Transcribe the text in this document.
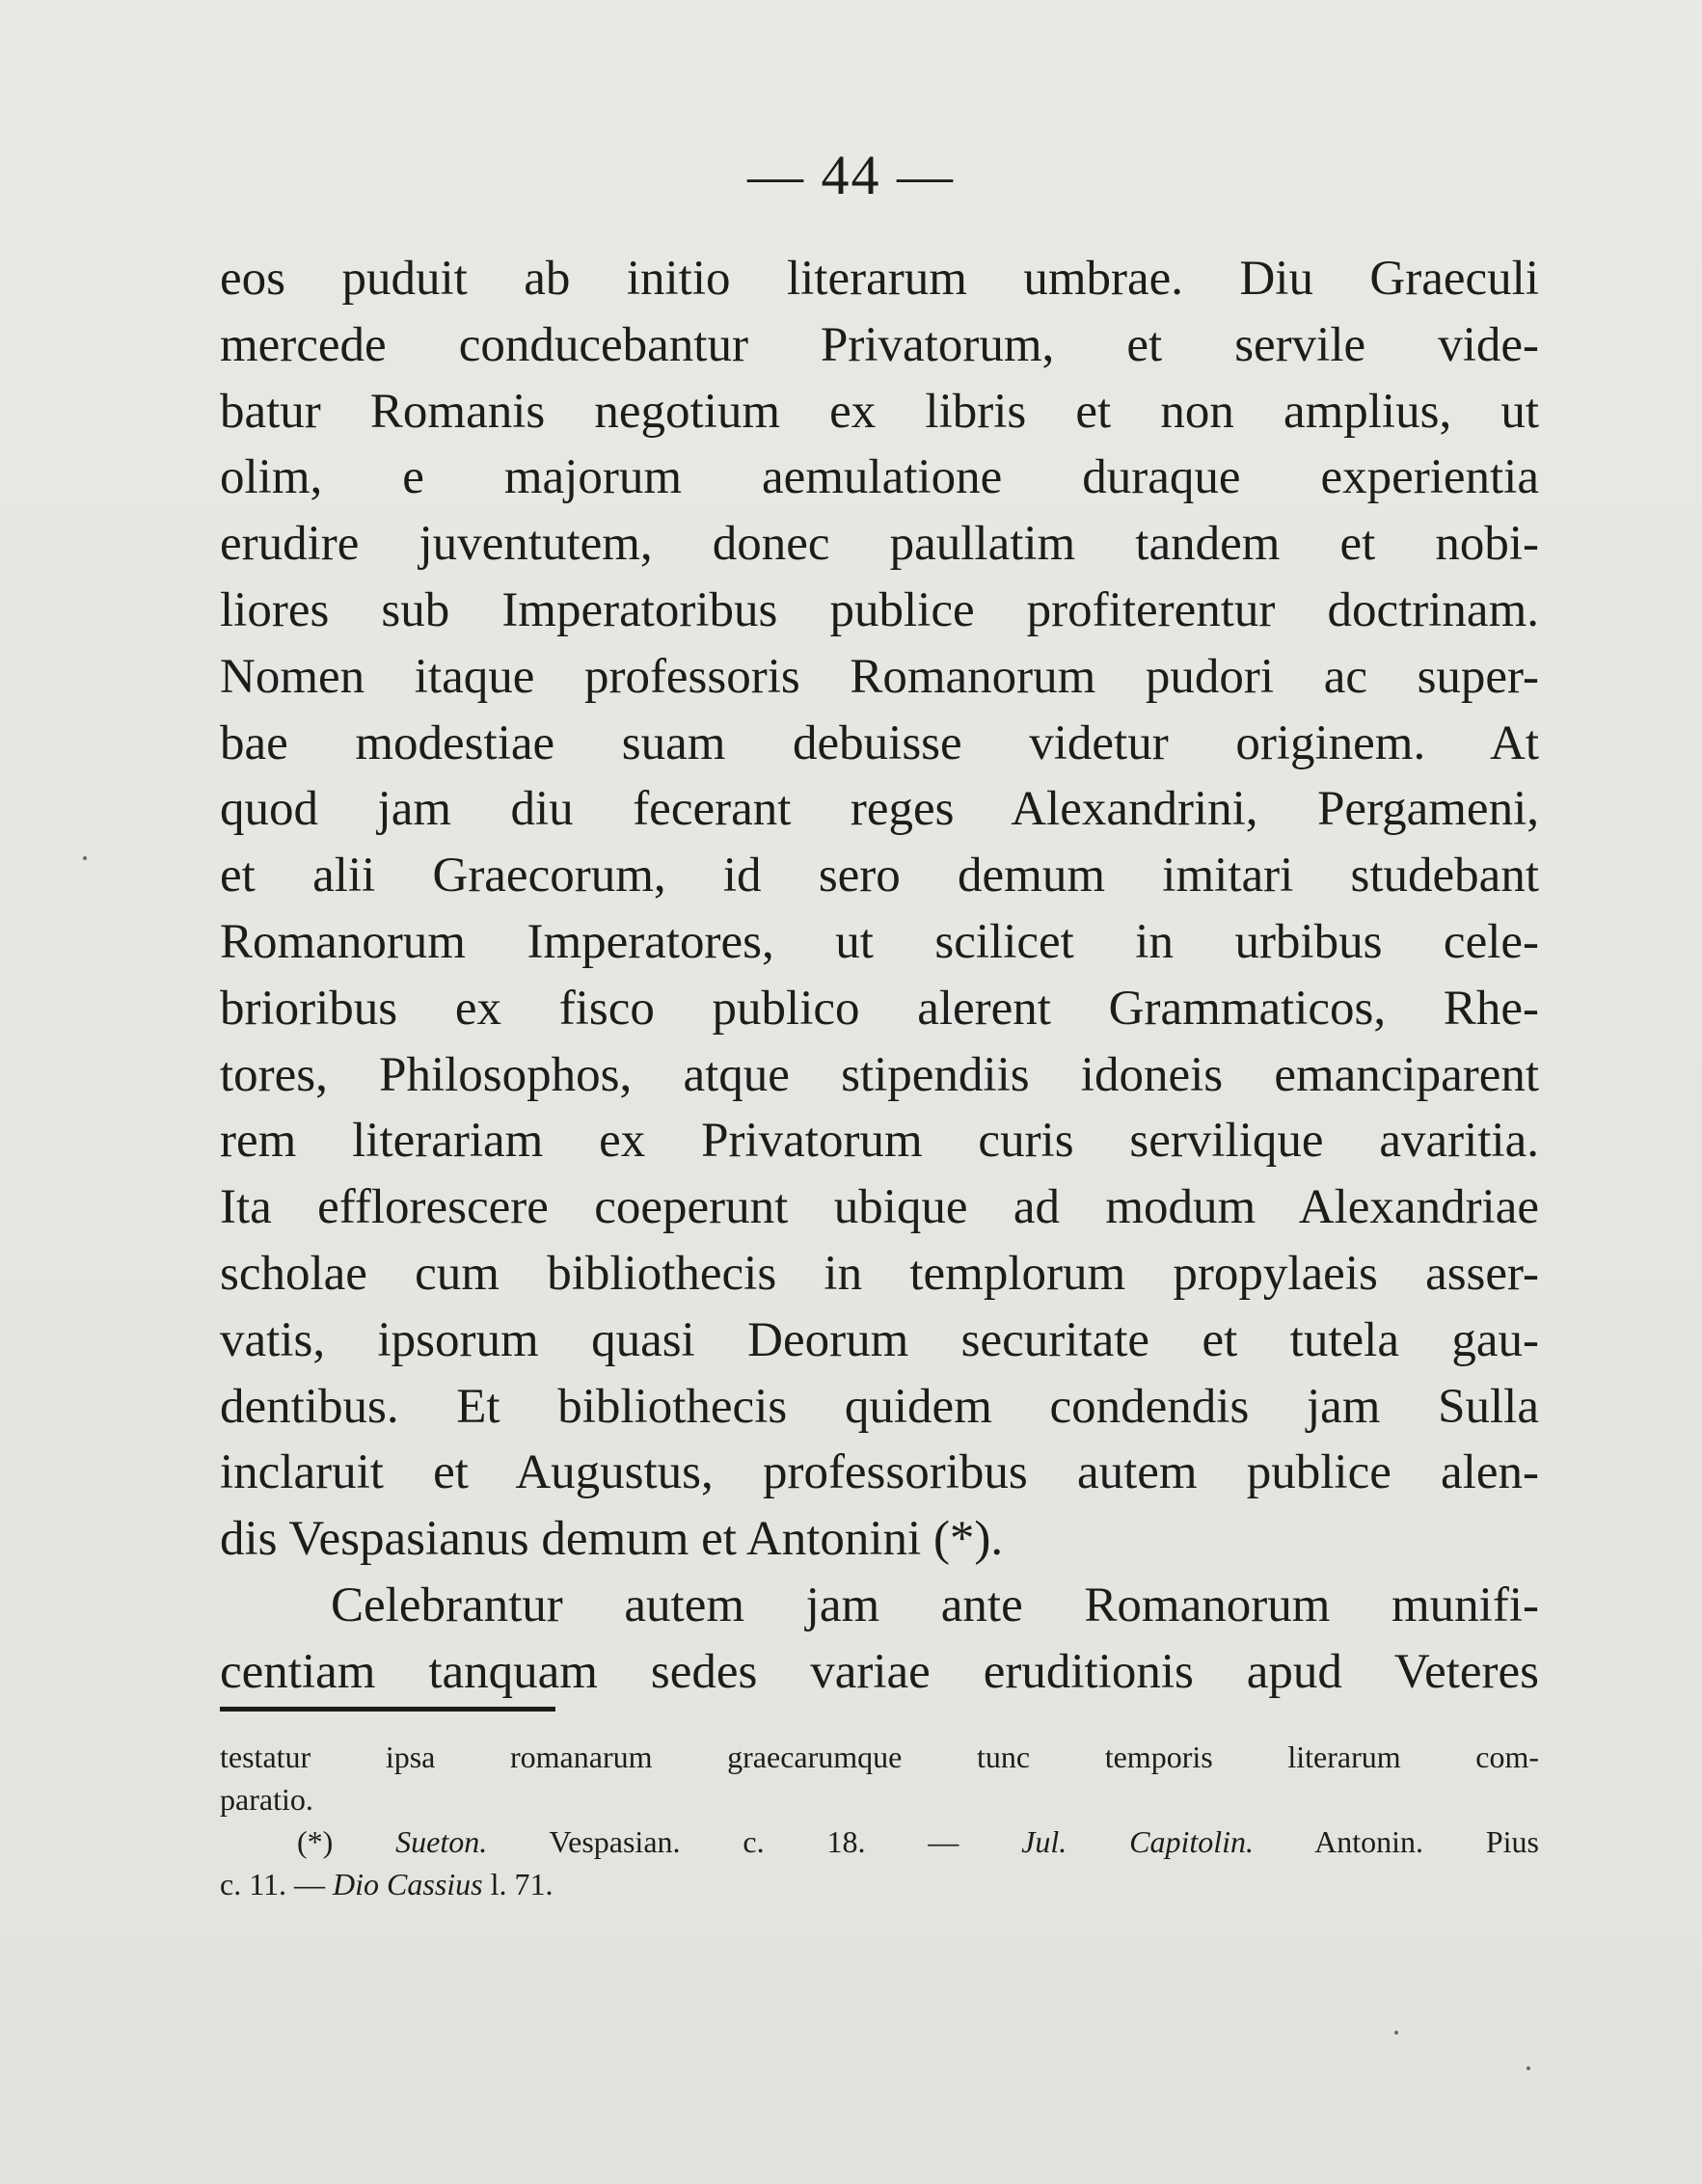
— 44 —
eos puduit ab initio literarum umbrae. Diu Graeculi
mercede conducebantur Privatorum, et servile vide-
batur Romanis negotium ex libris et non amplius, ut
olim, e majorum aemulatione duraque experientia
erudire juventutem, donec paullatim tandem et nobi-
liores sub Imperatoribus publice profiterentur doctrinam.
Nomen itaque professoris Romanorum pudori ac super-
bae modestiae suam debuisse videtur originem. At
quod jam diu fecerant reges Alexandrini, Pergameni,
et alii Graecorum, id sero demum imitari studebant
Romanorum Imperatores, ut scilicet in urbibus cele-
brioribus ex fisco publico alerent Grammaticos, Rhe-
tores, Philosophos, atque stipendiis idoneis emanciparent
rem literariam ex Privatorum curis servilique avaritia.
Ita efflorescere coeperunt ubique ad modum Alexandriae
scholae cum bibliothecis in templorum propylaeis asser-
vatis, ipsorum quasi Deorum securitate et tutela gau-
dentibus. Et bibliothecis quidem condendis jam Sulla
inclaruit et Augustus, professoribus autem publice alen-
dis Vespasianus demum et Antonini (*).
Celebrantur autem jam ante Romanorum munifi-
centiam tanquam sedes variae eruditionis apud Veteres
testatur ipsa romanarum graecarumque tunc temporis literarum com-
paratio.
(*) Sueton. Vespasian. c. 18. — Jul. Capitolin. Antonin. Pius
c. 11. — Dio Cassius l. 71.
